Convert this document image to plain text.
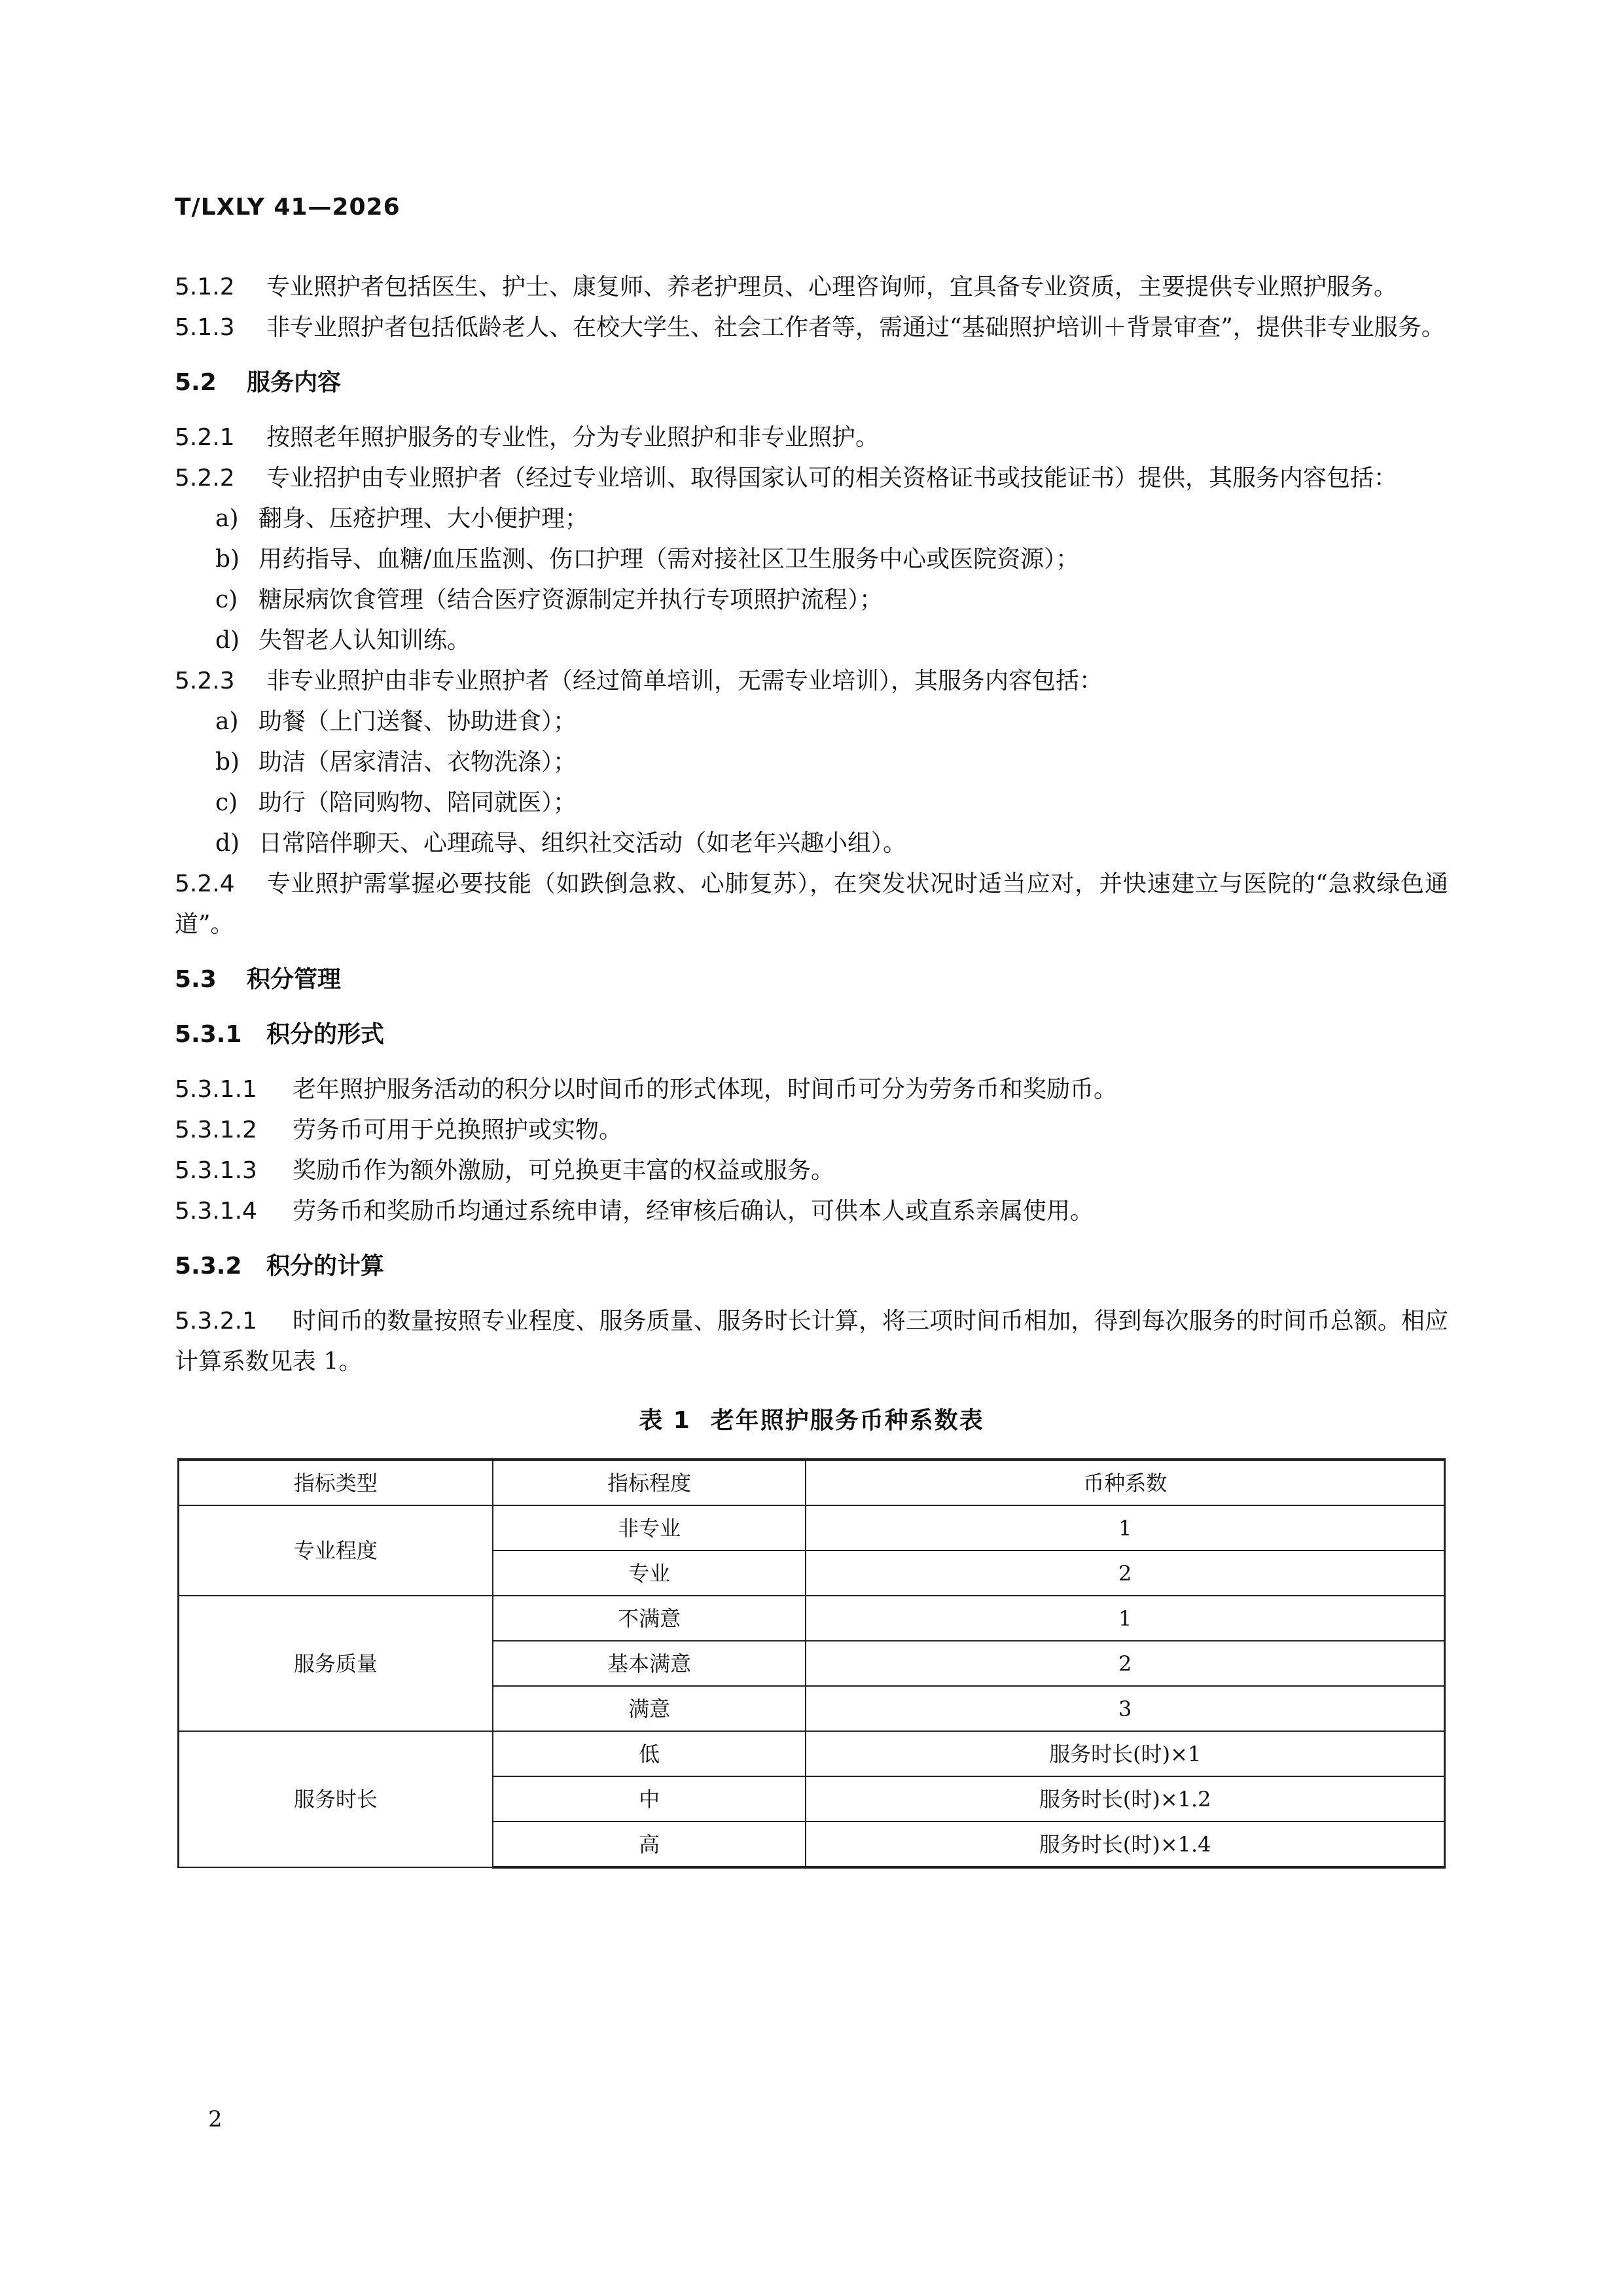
T/LXLY 41—2026

5.1.2 专业照护者包括医生、护士、康复师、养老护理员、心理咨询师，宜具备专业资质，主要提供专业照护服务。

5.1.3 非专业照护者包括低龄老人、在校大学生、社会工作者等，需通过“基础照护培训＋背景审查”，提供非专业服务。

5.2 服务内容

5.2.1 按照老年照护服务的专业性，分为专业照护和非专业照护。

5.2.2 专业招护由专业照护者（经过专业培训、取得国家认可的相关资格证书或技能证书）提供，其服务内容包括：

a) 翻身、压疮护理、大小便护理；

b) 用药指导、血糖/血压监测、伤口护理（需对接社区卫生服务中心或医院资源）；

c) 糖尿病饮食管理（结合医疗资源制定并执行专项照护流程）；

d) 失智老人认知训练。

5.2.3 非专业照护由非专业照护者（经过简单培训，无需专业培训），其服务内容包括：

a) 助餐（上门送餐、协助进食）；

b) 助洁（居家清洁、衣物洗涤）；

c) 助行（陪同购物、陪同就医）；

d) 日常陪伴聊天、心理疏导、组织社交活动（如老年兴趣小组）。

5.2.4 专业照护需掌握必要技能（如跌倒急救、心肺复苏），在突发状况时适当应对，并快速建立与医院的“急救绿色通道”。

5.3 积分管理

5.3.1 积分的形式

5.3.1.1 老年照护服务活动的积分以时间币的形式体现，时间币可分为劳务币和奖励币。

5.3.1.2 劳务币可用于兑换照护或实物。

5.3.1.3 奖励币作为额外激励，可兑换更丰富的权益或服务。

5.3.1.4 劳务币和奖励币均通过系统申请，经审核后确认，可供本人或直系亲属使用。

5.3.2 积分的计算

5.3.2.1 时间币的数量按照专业程度、服务质量、服务时长计算，将三项时间币相加，得到每次服务的时间币总额。相应计算系数见表 1。

表 1 老年照护服务币种系数表

指标类型	指标程度	币种系数
专业程度	非专业	1
	专业	2
服务质量	不满意	1
	基本满意	2
	满意	3
服务时长	低	服务时长(时)×1
	中	服务时长(时)×1.2
	高	服务时长(时)×1.4

2
